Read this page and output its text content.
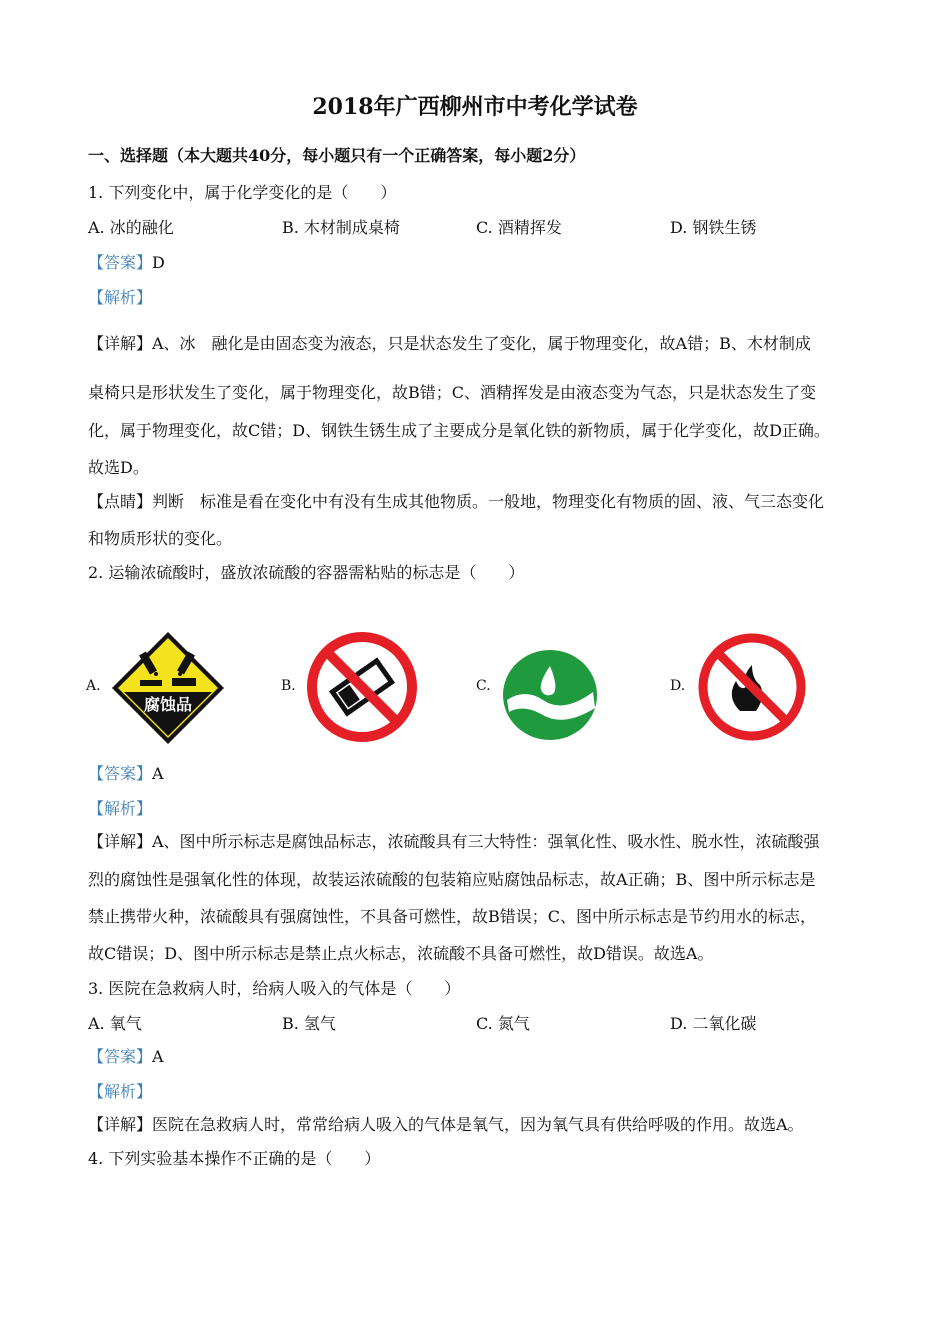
2018年广西柳州市中考化学试卷
一、选择题（本大题共40分，每小题只有一个正确答案，每小题2分）
1. 下列变化中，属于化学变化的是（　　）
A. 冰的融化	B. 木材制成桌椅	C. 酒精挥发	D. 钢铁生锈
【答案】D
【解析】
【详解】A、冰　融化是由固态变为液态，只是状态发生了变化，属于物理变化，故A错；B、木材制成
桌椅只是形状发生了变化，属于物理变化，故B错；C、酒精挥发是由液态变为气态，只是状态发生了变
化，属于物理变化，故C错；D、钢铁生锈生成了主要成分是氧化铁的新物质，属于化学变化，故D正确。
故选D。
【点睛】判断　标准是看在变化中有没有生成其他物质。一般地，物理变化有物质的固、液、气三态变化
和物质形状的变化。
2. 运输浓硫酸时，盛放浓硫酸的容器需粘贴的标志是（　　）
A.
腐蚀品
B.	C.	D.
【答案】A
【解析】
【详解】A、图中所示标志是腐蚀品标志，浓硫酸具有三大特性：强氧化性、吸水性、脱水性，浓硫酸强
烈的腐蚀性是强氧化性的体现，故装运浓硫酸的包装箱应贴腐蚀品标志，故A正确；B、图中所示标志是
禁止携带火种，浓硫酸具有强腐蚀性，不具备可燃性，故B错误；C、图中所示标志是节约用水的标志，
故C错误；D、图中所示标志是禁止点火标志，浓硫酸不具备可燃性，故D错误。故选A。
3. 医院在急救病人时，给病人吸入的气体是（　　）
A. 氧气	B. 氢气	C. 氮气	D. 二氧化碳
【答案】A
【解析】
【详解】医院在急救病人时，常常给病人吸入的气体是氧气，因为氧气具有供给呼吸的作用。故选A。
4. 下列实验基本操作不正确的是（　　）
